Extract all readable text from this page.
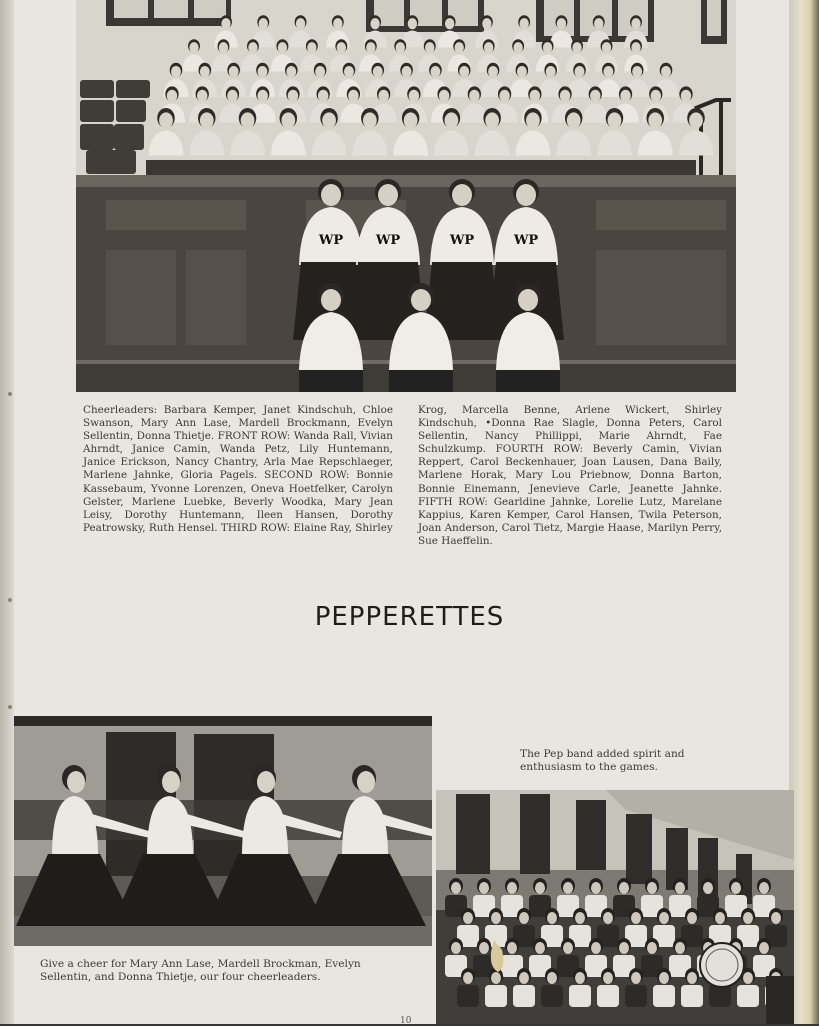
WP	WP	WP	WP

Cheerleaders: Barbara Kemper, Janet Kindschuh, Chloe Swanson, Mary Ann Lase, Mardell Brockmann, Evelyn Sellentin, Donna Thietje. FRONT ROW: Wanda Rall, Vivian Ahrndt, Janice Camin, Wanda Petz, Lily Huntemann, Janice Erickson, Nancy Chantry, Arla Mae Repschlaeger, Marlene Jahnke, Gloria Pagels. SECOND ROW: Bonnie Kassebaum, Yvonne Lorenzen, Oneva Hoetfelker, Carolyn Gelster, Marlene Luebke, Beverly Woodka, Mary Jean Leisy, Dorothy Huntemann, Ileen Hansen, Dorothy Peatrowsky, Ruth Hensel. THIRD ROW: Elaine Ray, Shirley

Krog, Marcella Benne, Arlene Wickert, Shirley Kindschuh, •Donna Rae Slagle, Donna Peters, Carol Sellentin, Nancy Phillippi, Marie Ahrndt, Fae Schulzkump. FOURTH ROW: Beverly Camin, Vivian Reppert, Carol Beckenhauer, Joan Lausen, Dana Baily, Marlene Horak, Mary Lou Priebnow, Donna Barton, Bonnie Einemann, Jenevieve Carle, Jeanette Jahnke. FIFTH ROW: Gearldine Jahnke, Lorelie Lutz, Marelane Kappius, Karen Kemper, Carol Hansen, Twila Peterson, Joan Anderson, Carol Tietz, Margie Haase, Marilyn Perry, Sue Haeffelin.

PEPPERETTES
Give a cheer for Mary Ann Lase, Mardell Brockman, Evelyn Sellentin, and Donna Thietje, our four cheerleaders.
The Pep band added spirit and enthusiasm to the games.
10
